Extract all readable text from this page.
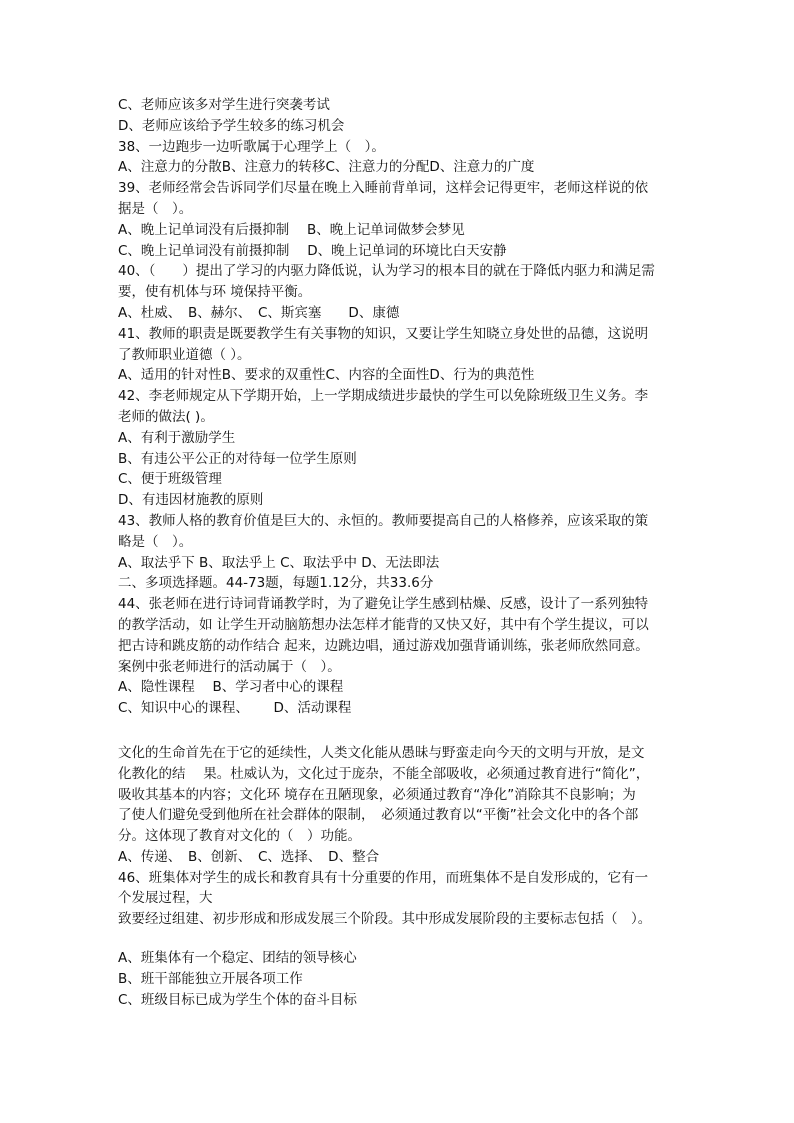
C、老师应该多对学生进行突袭考试
D、老师应该给予学生较多的练习机会
38、一边跑步一边听歌属于心理学上（　）。
A、注意力的分散B、注意力的转移C、注意力的分配D、注意力的广度
39、老师经常会告诉同学们尽量在晚上入睡前背单词，这样会记得更牢，老师这样说的依
据是（　）。
A、晚上记单词没有后摄抑制　 B、晚上记单词做梦会梦见
C、晚上记单词没有前摄抑制　 D、晚上记单词的环境比白天安静
40、（　　）提出了学习的内驱力降低说，认为学习的根本目的就在于降低内驱力和满足需
要，使有机体与环 境保持平衡。
A、杜威、　B、赫尔、　C、斯宾塞　　D、康德
41、教师的职责是既要教学生有关事物的知识，又要让学生知晓立身处世的品德，这说明
了教师职业道德（ ）。
A、适用的针对性B、要求的双重性C、内容的全面性D、行为的典范性
42、李老师规定从下学期开始，上一学期成绩进步最快的学生可以免除班级卫生义务。李
老师的做法( )。
A、有利于激励学生
B、有违公平公正的对待每一位学生原则
C、便于班级管理
D、有违因材施教的原则
43、教师人格的教育价值是巨大的、永恒的。教师要提高自己的人格修养，应该采取的策
略是（　）。
A、取法乎下 B、取法乎上 C、取法乎中 D、无法即法
二、多项选择题。44-73题，每题1.12分，共33.6分
44、张老师在进行诗词背诵教学时，为了避免让学生感到枯燥、反感，设计了一系列独特
的教学活动，如 让学生开动脑筋想办法怎样才能背的又快又好，其中有个学生提议，可以
把古诗和跳皮筋的动作结合 起来，边跳边唱，通过游戏加强背诵训练，张老师欣然同意。
案例中张老师进行的活动属于（　）。
A、隐性课程　 B、学习者中心的课程
C、知识中心的课程、　　 D、活动课程
文化的生命首先在于它的延续性，人类文化能从愚昧与野蛮走向今天的文明与开放，是文
化教化的结　 果。杜威认为，文化过于庞杂，不能全部吸收，必须通过教育进行“简化”，
吸收其基本的内容；文化环 境存在丑陋现象，必须通过教育“净化”消除其不良影响；为
了使人们避免受到他所在社会群体的限制，　必须通过教育以“平衡”社会文化中的各个部
分。这体现了教育对文化的（　）功能。
A、传递、　B、创新、　C、选择、　D、整合
46、班集体对学生的成长和教育具有十分重要的作用，而班集体不是自发形成的，它有一
个发展过程，大
致要经过组建、初步形成和形成发展三个阶段。其中形成发展阶段的主要标志包括（　）。
A、班集体有一个稳定、团结的领导核心
B、班干部能独立开展各项工作
C、班级目标已成为学生个体的奋斗目标
